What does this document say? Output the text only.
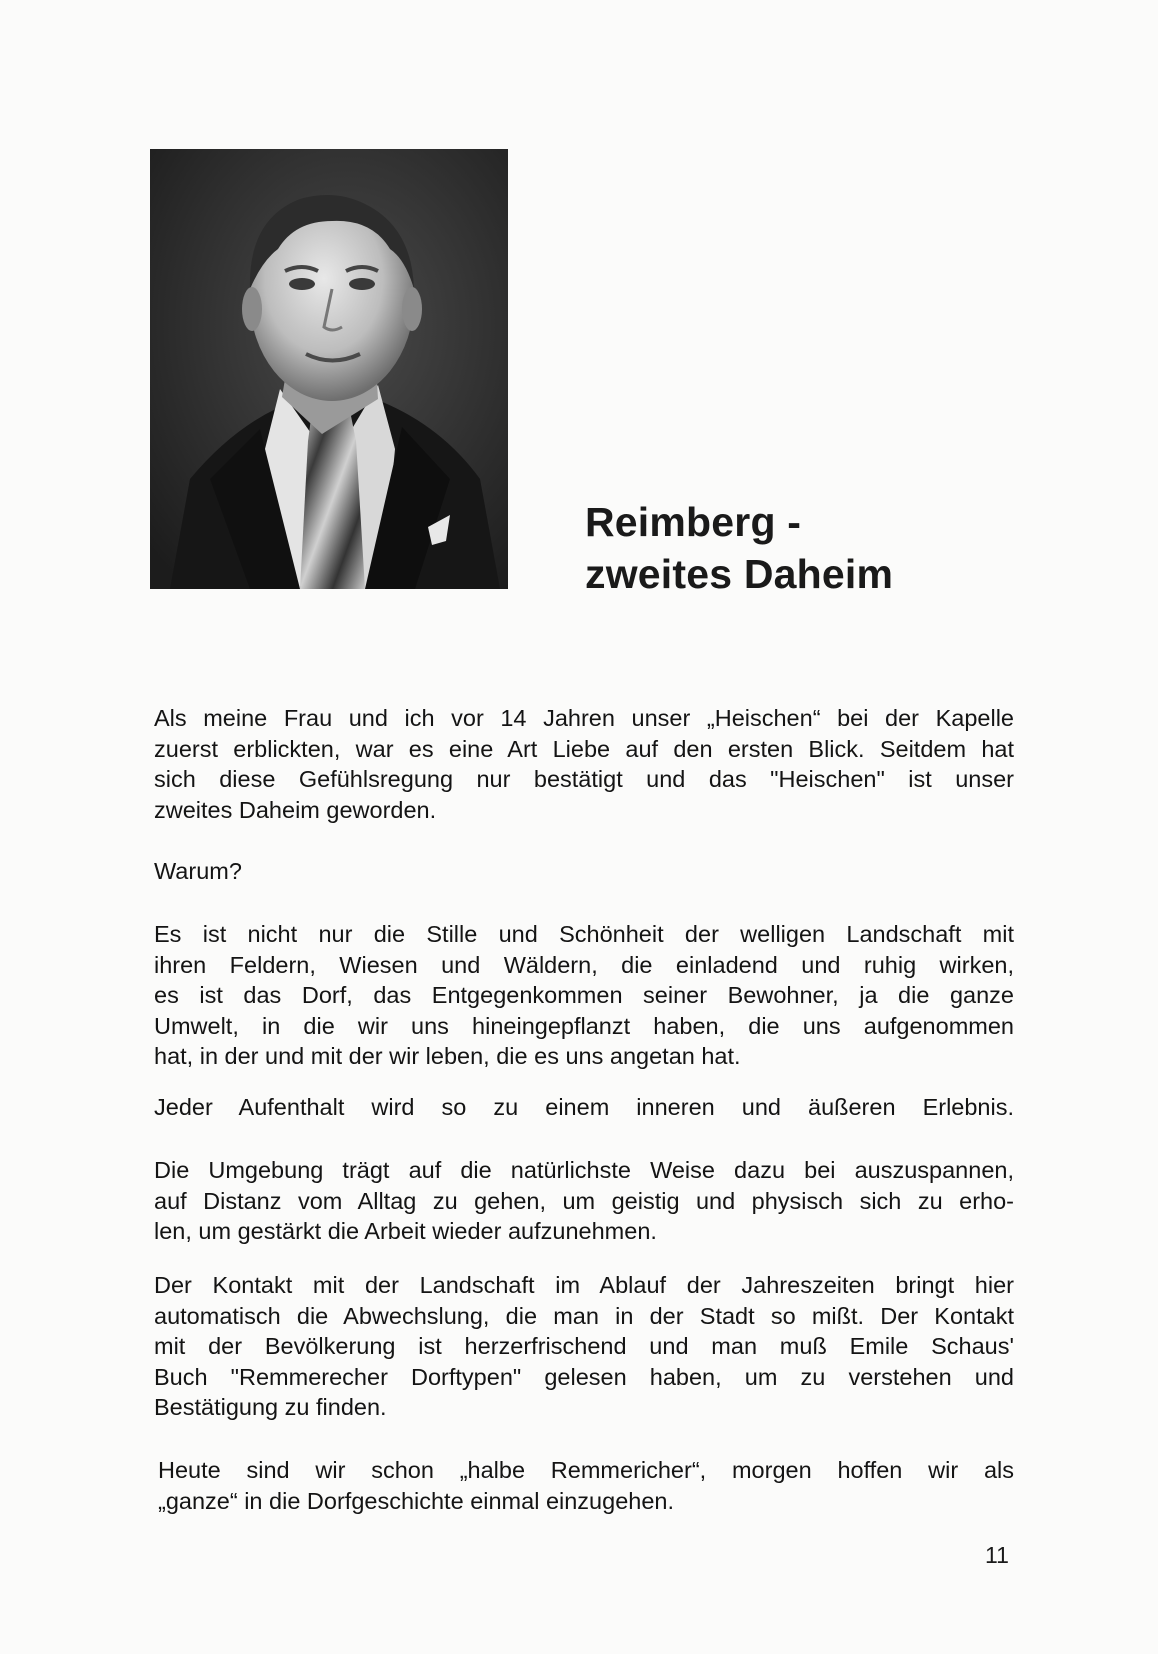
Reimberg -
zweites Daheim

Als meine Frau und ich vor 14 Jahren unser „Heischen“ bei der Kapelle
zuerst erblickten, war es eine Art Liebe auf den ersten Blick. Seitdem hat
sich diese Gefühlsregung nur bestätigt und das "Heischen" ist unser
zweites Daheim geworden.

Warum?

Es ist nicht nur die Stille und Schönheit der welligen Landschaft mit
ihren Feldern, Wiesen und Wäldern, die einladend und ruhig wirken,
es ist das Dorf, das Entgegenkommen seiner Bewohner, ja die ganze
Umwelt, in die wir uns hineingepflanzt haben, die uns aufgenommen
hat, in der und mit der wir leben, die es uns angetan hat.

Jeder Aufenthalt wird so zu einem inneren und äußeren Erlebnis.

Die Umgebung trägt auf die natürlichste Weise dazu bei auszuspannen,
auf Distanz vom Alltag zu gehen, um geistig und physisch sich zu erho-
len, um gestärkt die Arbeit wieder aufzunehmen.

Der Kontakt mit der Landschaft im Ablauf der Jahreszeiten bringt hier
automatisch die Abwechslung, die man in der Stadt so mißt. Der Kontakt
mit der Bevölkerung ist herzerfrischend und man muß Emile Schaus'
Buch "Remmerecher Dorftypen" gelesen haben, um zu verstehen und
Bestätigung zu finden.

Heute sind wir schon „halbe Remmericher“, morgen hoffen wir als
„ganze“ in die Dorfgeschichte einmal einzugehen.

11
